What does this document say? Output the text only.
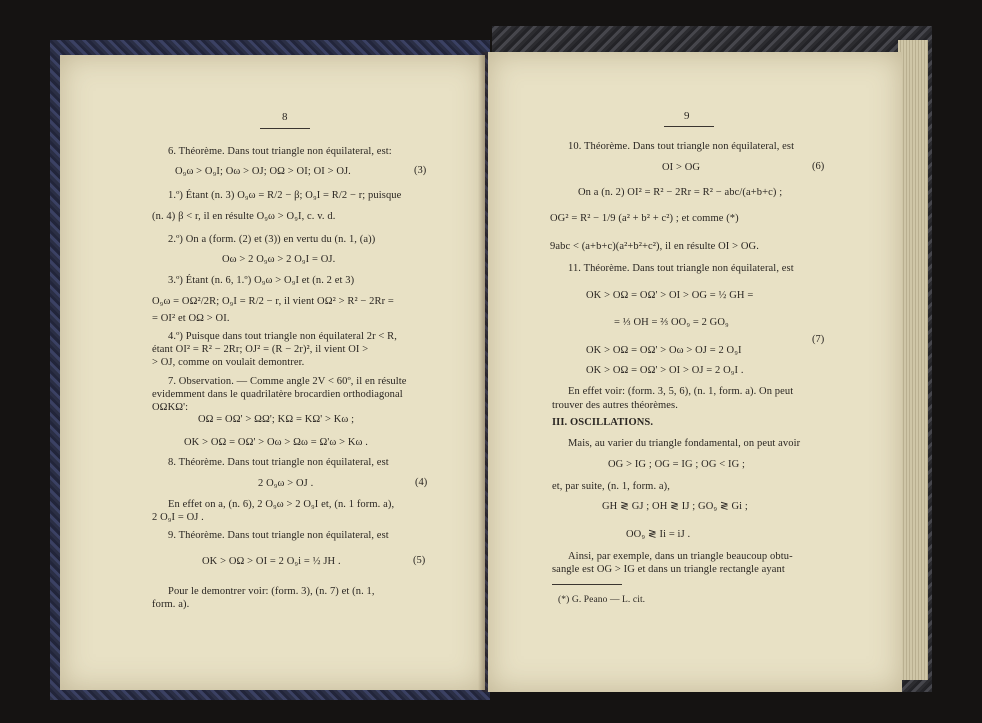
8
6. Théorème. Dans tout triangle non équilateral, est:
O₉ω > O₉I; Oω > OJ; OΩ > OI; OI > OJ.	(3)
1.º) Étant (n. 3) O₉ω = R/2 − β; O₉I = R/2 − r; puisque
(n. 4) β < r, il en résulte O₉ω > O₉I, c. v. d.
2.º) On a (form. (2) et (3)) en vertu du (n. 1, (a))
Oω > 2 O₉ω > 2 O₉I = OJ.
3.º) Étant (n. 6, 1.º) O₉ω > O₉I et (n. 2 et 3)
O₉ω = OΩ²/2R; O₉I = R/2 − r, il vient OΩ² > R² − 2Rr =
= OI² et OΩ > OI.
4.º) Puisque dans tout triangle non équilateral 2r < R,
étant OI² = R² − 2Rr; OJ² = (R − 2r)², il vient OI >
> OJ, comme on voulait demontrer.
7. Observation. — Comme angle 2V < 60º, il en résulte
evidemment dans le quadrilatère brocardien orthodiagonal
OΩKΩ':
OΩ = OΩ' > ΩΩ'; KΩ = KΩ' > Kω ;
OK > OΩ = OΩ' > Oω > Ωω = Ω'ω > Kω .
8. Théorème. Dans tout triangle non équilateral, est
2 O₉ω > OJ .	(4)
En effet on a, (n. 6), 2 O₉ω > 2 O₉I et, (n. 1 form. a),
2 O₉I = OJ .
9. Théorème. Dans tout triangle non équilateral, est
OK > OΩ > OI = 2 O₉i = ½ JH .	(5)
Pour le demontrer voir: (form. 3), (n. 7) et (n. 1,
form. a).
9
10. Théorème. Dans tout triangle non équilateral, est
OI > OG	(6)
On a (n. 2) OI² = R² − 2Rr = R² − abc/(a+b+c) ;
OG² = R² − 1/9 (a² + b² + c²) ; et comme (*)
9abc < (a+b+c)(a²+b²+c²), il en résulte OI > OG.
11. Théorème. Dans tout triangle non équilateral, est
OK > OΩ = OΩ' > OI > OG = ½ GH =
= ⅓ OH = ⅔ OO₉ = 2 GO₉
(7)
OK > OΩ = OΩ' > Oω > OJ = 2 O₉I
OK > OΩ = OΩ' > OI > OJ = 2 O₉I .
En effet voir: (form. 3, 5, 6), (n. 1, form. a). On peut
trouver des autres théorèmes.
III. OSCILLATIONS.
Mais, au varier du triangle fondamental, on peut avoir
OG > IG ; OG = IG ; OG < IG ;
et, par suite, (n. 1, form. a),
GH ≷ GJ ; OH ≷ IJ ; GO₉ ≷ Gi ;
OO₉ ≷ Ii = iJ .
Ainsi, par exemple, dans un triangle beaucoup obtu-
sangle est OG > IG et dans un triangle rectangle ayant
(*) G. Peano — L. cit.
